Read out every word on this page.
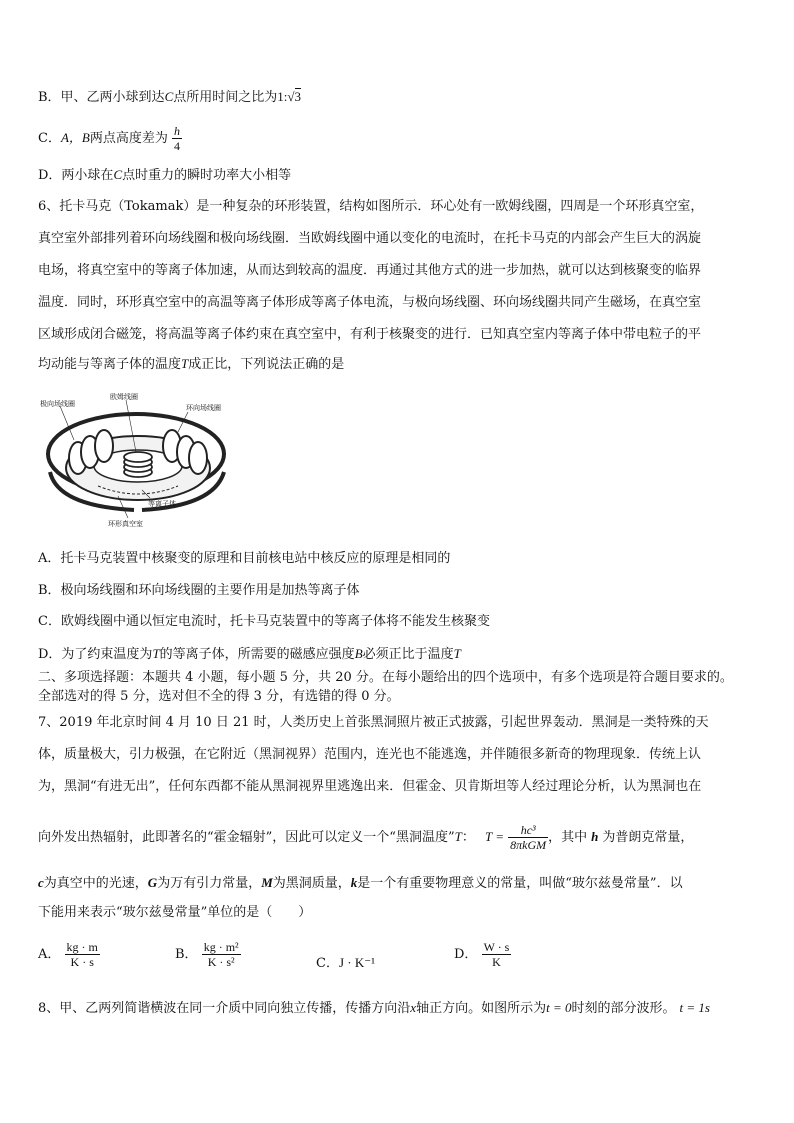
B．甲、乙两小球到达C点所用时间之比为1:√3
C．A，B两点高度差为 $\frac{h}{4}$
D．两小球在C点时重力的瞬时功率大小相等
6、托卡马克（Tokamak）是一种复杂的环形装置，结构如图所示．环心处有一欧姆线圈，四周是一个环形真空室，
真空室外部排列着环向场线圈和极向场线圈．当欧姆线圈中通以变化的电流时，在托卡马克的内部会产生巨大的涡旋
电场，将真空室中的等离子体加速，从而达到较高的温度．再通过其他方式的进一步加热，就可以达到核聚变的临界
温度．同时，环形真空室中的高温等离子体形成等离子体电流，与极向场线圈、环向场线圈共同产生磁场，在真空室
区域形成闭合磁笼，将高温等离子体约束在真空室中，有利于核聚变的进行．已知真空室内等离子体中带电粒子的平
均动能与等离子体的温度T成正比，下列说法正确的是
极向场线圈
欧姆线圈
环向场线圈
等离子体
环形真空室
A．托卡马克装置中核聚变的原理和目前核电站中核反应的原理是相同的
B．极向场线圈和环向场线圈的主要作用是加热等离子体
C．欧姆线圈中通以恒定电流时，托卡马克装置中的等离子体将不能发生核聚变
D．为了约束温度为T的等离子体，所需要的磁感应强度B必须正比于温度T
二、多项选择题：本题共 4 小题，每小题 5 分，共 20 分。在每小题给出的四个选项中，有多个选项是符合题目要求的。
全部选对的得 5 分，选对但不全的得 3 分，有选错的得 0 分。
7、2019 年北京时间 4 月 10 日 21 时，人类历史上首张黑洞照片被正式披露，引起世界轰动．黑洞是一类特殊的天
体，质量极大，引力极强，在它附近（黑洞视界）范围内，连光也不能逃逸，并伴随很多新奇的物理现象．传统上认
为，黑洞“有进无出”，任何东西都不能从黑洞视界里逃逸出来．但霍金、贝肯斯坦等人经过理论分析，认为黑洞也在
向外发出热辐射，此即著名的“霍金辐射”，因此可以定义一个“黑洞温度”T： $T = \frac{\text{hc³}}{\text{8πkGM}}$ ，其中 h 为普朗克常量，
c为真空中的光速，G为万有引力常量，M为黑洞质量，k是一个有重要物理意义的常量，叫做“玻尔兹曼常量”．以
下能用来表示“玻尔兹曼常量”单位的是（　　）
A． $\frac{kg \cdot m}{K \cdot s}$	B． $\frac{\text{kg · m²}}{\text{K · s²}}$	C．J · K⁻¹
D． $\frac{W \cdot s}{K}$
8、甲、乙两列简谐横波在同一介质中同向独立传播，传播方向沿x轴正方向。如图所示为t = 0时刻的部分波形。 t = 1s
